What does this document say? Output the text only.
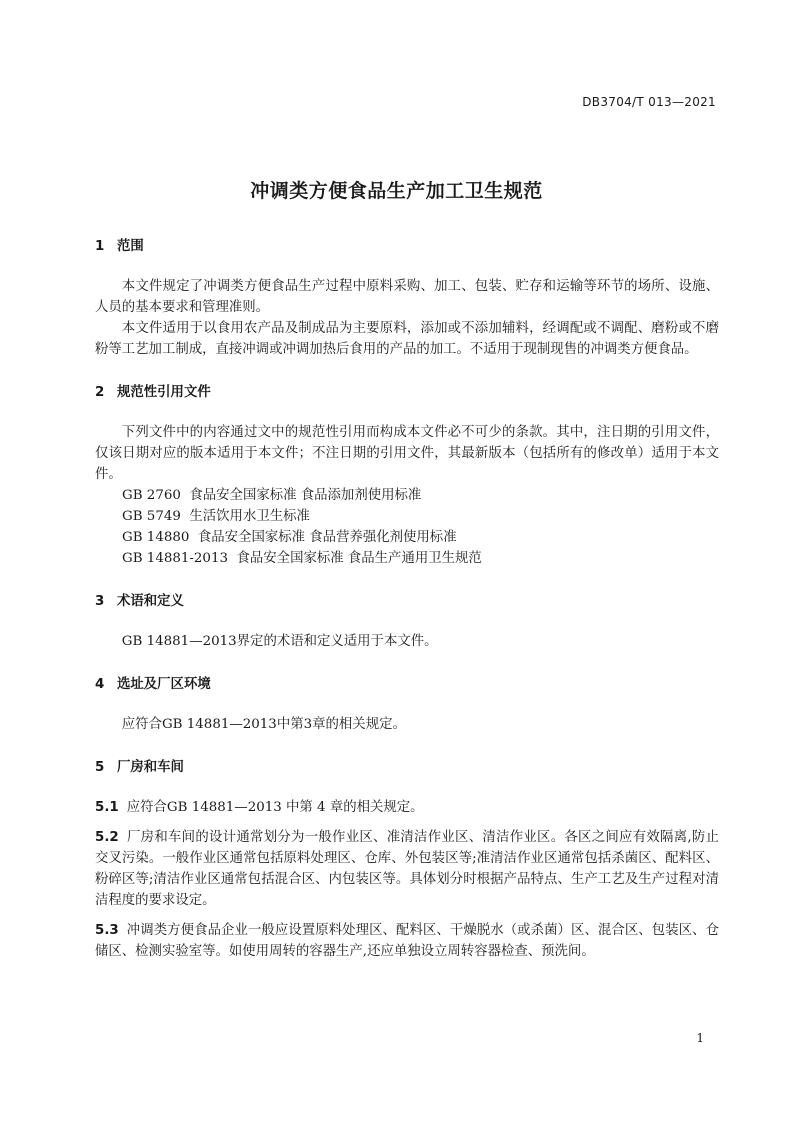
DB3704/T 013—2021
冲调类方便食品生产加工卫生规范
1 范围

本文件规定了冲调类方便食品生产过程中原料采购、加工、包装、贮存和运输等环节的场所、设施、人员的基本要求和管理准则。

本文件适用于以食用农产品及制成品为主要原料，添加或不添加辅料，经调配或不调配、磨粉或不磨粉等工艺加工制成，直接冲调或冲调加热后食用的产品的加工。不适用于现制现售的冲调类方便食品。

2 规范性引用文件

下列文件中的内容通过文中的规范性引用而构成本文件必不可少的条款。其中，注日期的引用文件，仅该日期对应的版本适用于本文件；不注日期的引用文件，其最新版本（包括所有的修改单）适用于本文件。

GB 2760  食品安全国家标准 食品添加剂使用标准

GB 5749  生活饮用水卫生标准

GB 14880  食品安全国家标准 食品营养强化剂使用标准

GB 14881-2013  食品安全国家标准 食品生产通用卫生规范

3 术语和定义

GB 14881—2013界定的术语和定义适用于本文件。

4 选址及厂区环境

应符合GB 14881—2013中第3章的相关规定。

5 厂房和车间

5.1 应符合GB 14881—2013 中第 4 章的相关规定。

5.2 厂房和车间的设计通常划分为一般作业区、准清洁作业区、清洁作业区。各区之间应有效隔离,防止交叉污染。一般作业区通常包括原料处理区、仓库、外包装区等;准清洁作业区通常包括杀菌区、配料区、粉碎区等;清洁作业区通常包括混合区、内包装区等。具体划分时根据产品特点、生产工艺及生产过程对清洁程度的要求设定。

5.3 冲调类方便食品企业一般应设置原料处理区、配料区、干燥脱水（或杀菌）区、混合区、包装区、仓储区、检测实验室等。如使用周转的容器生产,还应单独设立周转容器检查、预洗间。

1
